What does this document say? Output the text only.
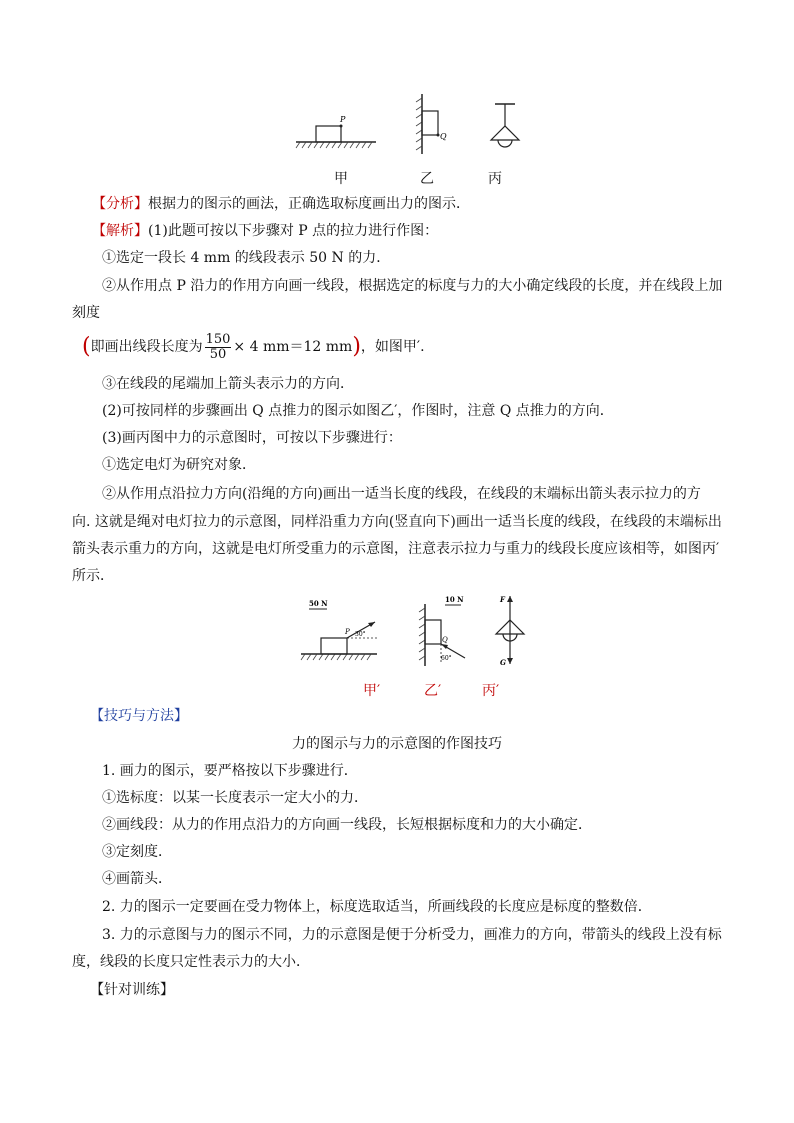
P
Q
甲	乙	丙
【分析】根据力的图示的画法，正确选取标度画出力的图示．
【解析】(1)此题可按以下步骤对 P 点的拉力进行作图：
①选定一段长 4 mm 的线段表示 50 N 的力．
②从作用点 P 沿力的作用方向画一线段，根据选定的标度与力的大小确定线段的长度，并在线段上加
刻度
(即画出线段长度为 $\frac{150}{50} \times 4$ mm＝12 mm)，如图甲′.
③在线段的尾端加上箭头表示力的方向．
(2)可按同样的步骤画出 Q 点推力的图示如图乙′，作图时，注意 Q 点推力的方向．
(3)画丙图中力的示意图时，可按以下步骤进行：
①选定电灯为研究对象．
②从作用点沿拉力方向(沿绳的方向)画出一适当长度的线段，在线段的末端标出箭头表示拉力的方
向. 这就是绳对电灯拉力的示意图，同样沿重力方向(竖直向下)画出一适当长度的线段，在线段的末端标出
箭头表示重力的方向，这就是电灯所受重力的示意图，注意表示拉力与重力的线段长度应该相等，如图丙′
所示．
50 N
P 30°
10 N
Q
60°
F
G
甲′	乙′	丙′
【技巧与方法】
力的图示与力的示意图的作图技巧
1. 画力的图示，要严格按以下步骤进行．
①选标度：以某一长度表示一定大小的力．
②画线段：从力的作用点沿力的方向画一线段，长短根据标度和力的大小确定．
③定刻度．
④画箭头．
2. 力的图示一定要画在受力物体上，标度选取适当，所画线段的长度应是标度的整数倍．
3. 力的示意图与力的图示不同，力的示意图是便于分析受力，画准力的方向，带箭头的线段上没有标
度，线段的长度只定性表示力的大小．
【针对训练】
